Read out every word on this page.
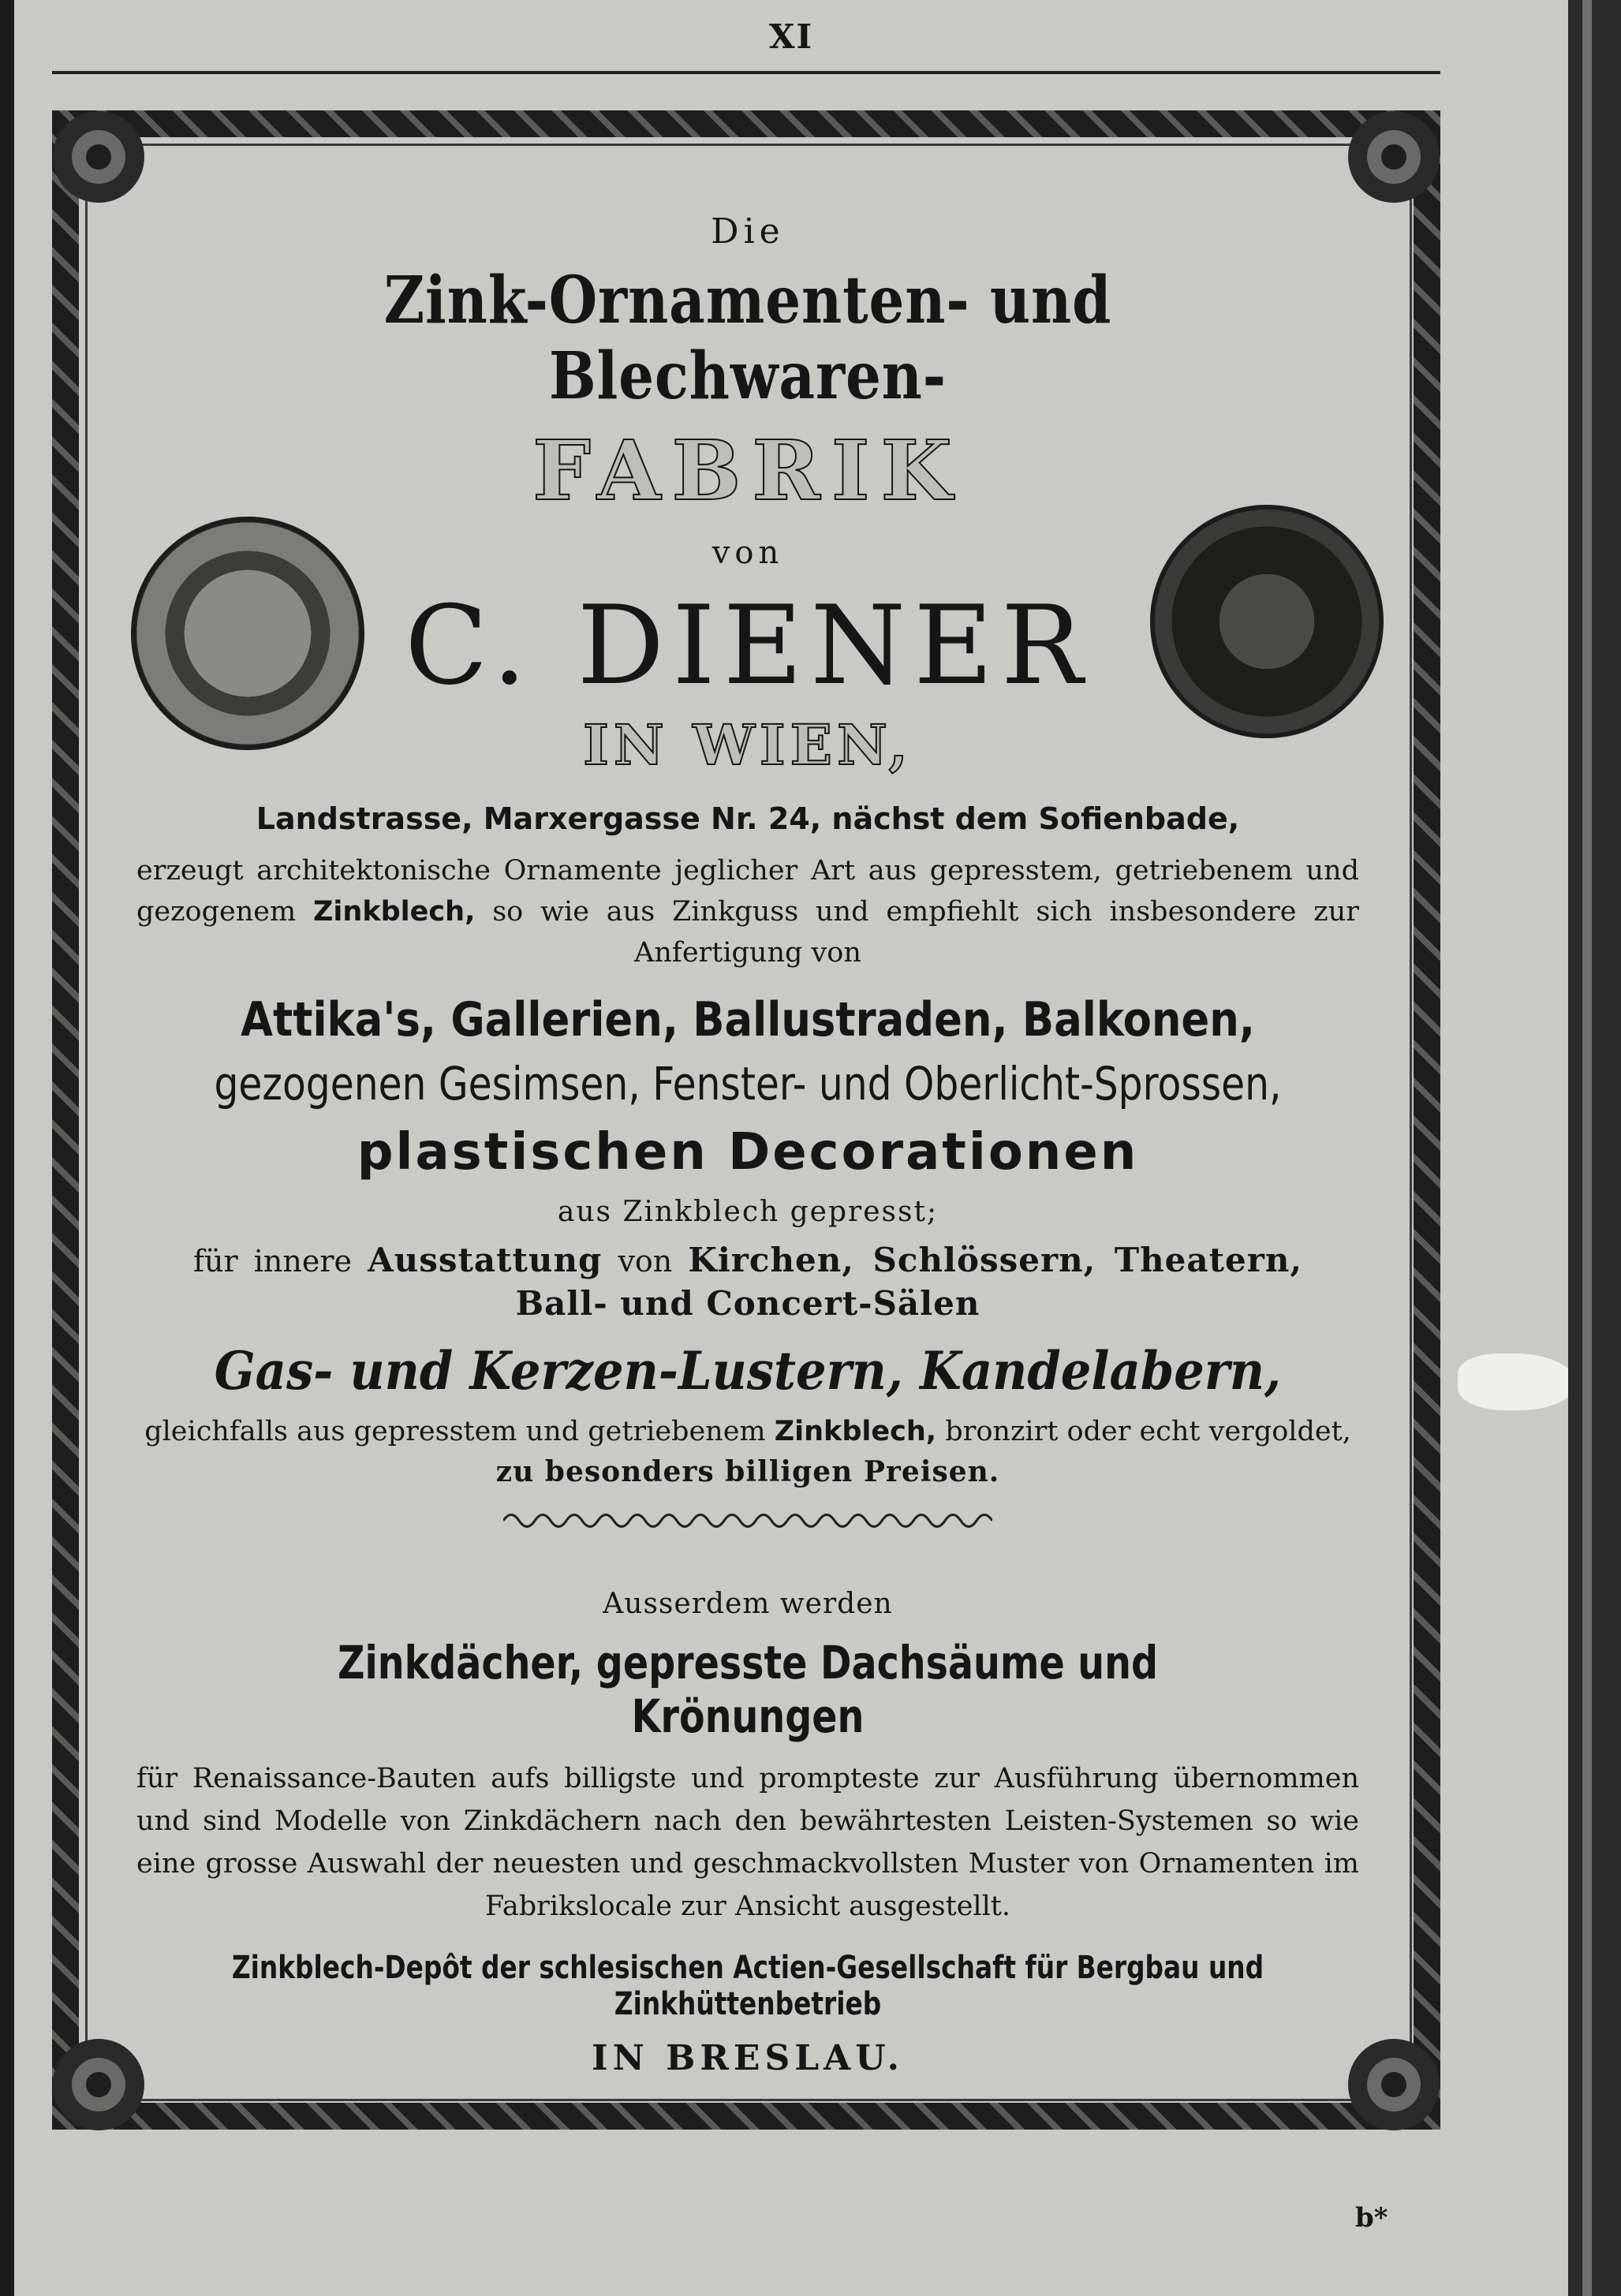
XI
Die
Zink-Ornamenten- und Blechwaren-
FABRIK
von
C. DIENER
IN WIEN,
Landstrasse, Marxergasse Nr. 24, nächst dem Sofienbade,
erzeugt architektonische Ornamente jeglicher Art aus gepresstem, getriebenem und gezogenem Zinkblech, so wie aus Zinkguss und empfiehlt sich insbesondere zur Anfertigung von
Attika's, Gallerien, Ballustraden, Balkonen,
gezogenen Gesimsen, Fenster- und Oberlicht-Sprossen,
plastischen Decorationen
aus Zinkblech gepresst;
für innere Ausstattung von Kirchen, Schlössern, Theatern,
Ball- und Concert-Sälen
Gas- und Kerzen-Lustern, Kandelabern,
gleichfalls aus gepresstem und getriebenem Zinkblech, bronzirt oder echt vergoldet,
zu besonders billigen Preisen.
Ausserdem werden
Zinkdächer, gepresste Dachsäume und Krönungen
für Renaissance-Bauten aufs billigste und prompteste zur Ausführung übernommen und sind Modelle von Zinkdächern nach den bewährtesten Leisten-Systemen so wie eine grosse Auswahl der neuesten und geschmackvollsten Muster von Ornamenten im Fabrikslocale zur Ansicht ausgestellt.
Zinkblech-Depôt der schlesischen Actien-Gesellschaft für Bergbau und Zinkhüttenbetrieb
IN BRESLAU.
b*
